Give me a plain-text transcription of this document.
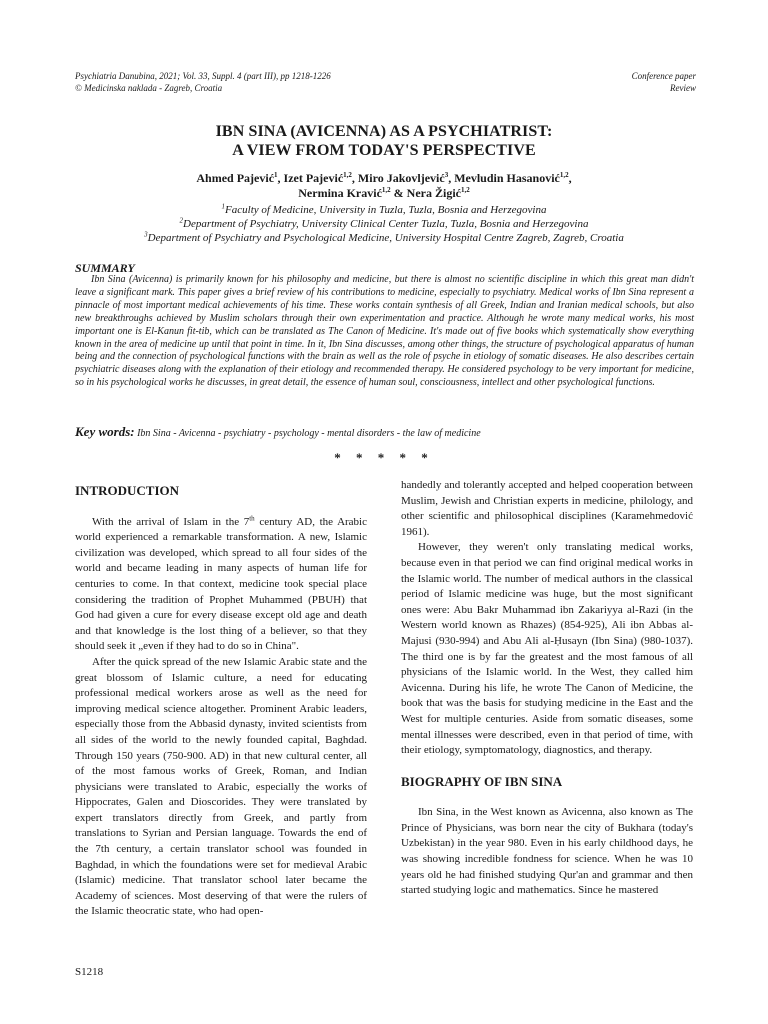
Psychiatria Danubina, 2021; Vol. 33, Suppl. 4 (part III), pp 1218-1226
© Medicinska naklada - Zagreb, Croatia
Conference paper
Review
IBN SINA (AVICENNA) AS A PSYCHIATRIST:
A VIEW FROM TODAY'S PERSPECTIVE
Ahmed Pajević$^1$, Izet Pajević$^{1,2}$, Miro Jakovljević$^3$, Mevludin Hasanović$^{1,2}$,
Nermina Kravić$^{1,2}$ & Nera Žigić$^{1,2}$
$^1$Faculty of Medicine, University in Tuzla, Tuzla, Bosnia and Herzegovina
$^2$Department of Psychiatry, University Clinical Center Tuzla, Tuzla, Bosnia and Herzegovina
$^3$Department of Psychiatry and Psychological Medicine, University Hospital Centre Zagreb, Zagreb, Croatia
SUMMARY

Ibn Sina (Avicenna) is primarily known for his philosophy and medicine, but there is almost no scientific discipline in which this great man didn't leave a significant mark. This paper gives a brief review of his contributions to medicine, especially to psychiatry. Medical works of Ibn Sina represent a pinnacle of most important medical achievements of his time. These works contain synthesis of all Greek, Indian and Iranian medical schools, but also new breakthroughs achieved by Muslim scholars through their own experimentation and practice. Although he wrote many medical works, his most important one is El-Kanun fit-tib, which can be translated as The Canon of Medicine. It's made out of five books which systematically show everything known in the area of medicine up until that point in time. In it, Ibn Sina discusses, among other things, the structure of psychological apparatus of human being and the connection of psychological functions with the brain as well as the role of psyche in etiology of somatic diseases. He also describes certain psychiatric diseases along with the explanation of their etiology and recommended therapy. He considered psychology to be very important for medicine, so in his psychological works he discusses, in great detail, the essence of human soul, consciousness, intellect and other psychological functions.

Key words: Ibn Sina - Avicenna - psychiatry - psychology - mental disorders - the law of medicine
* * * * *
INTRODUCTION

With the arrival of Islam in the 7th century AD, the Arabic world experienced a remarkable transformation. A new, Islamic civilization was developed, which spread to all four sides of the world and became leading in many aspects of human life for centuries to come. In that context, medicine took special place considering the tradition of Prophet Muhammed (PBUH) that God had given a cure for every disease except old age and death and that knowledge is the lost thing of a believer, so that they should seek it „even if they had to do so in China".

After the quick spread of the new Islamic Arabic state and the great blossom of Islamic culture, a need for educating professional medical workers arose as well as the need for improving medical science altogether. Prominent Arabic leaders, especially those from the Abbasid dynasty, invited scientists from all sides of the world to the newly founded capital, Baghdad. Through 150 years (750-900. AD) in that new cultural center, all of the most famous works of Greek, Roman, and Indian physicians were translated to Arabic, especially the works of Hippocrates, Galen and Dioscorides. They were translated by expert translators directly from Greek, and partly from translations to Syrian and Persian language. Towards the end of the 7th century, a certain translator school was founded in Baghdad, in which the foundations were set for medieval Arabic (Islamic) medicine. That translator school later became the Academy of sciences. Most deserving of that were the rulers of the Islamic theocratic state, who had open-

handedly and tolerantly accepted and helped cooperation between Muslim, Jewish and Christian experts in medicine, philology, and other scientific and philosophical disciplines (Karamehmedović 1961).

However, they weren't only translating medical works, because even in that period we can find original medical works in the Islamic world. The number of medical authors in the classical period of Islamic medicine was huge, but the most significant ones were: Abu Bakr Muhammad ibn Zakariyya al-Razi (in the Western world known as Rhazes) (854-925), Ali ibn Abbas al-Majusi (930-994) and Abu Ali al-Ḥusayn (Ibn Sina) (980-1037). The third one is by far the greatest and the most famous of all physicians of the Islamic world. In the West, they called him Avicenna. During his life, he wrote The Canon of Medicine, the book that was the basis for studying medicine in the East and the West for multiple centuries. Aside from somatic diseases, some mental illnesses were described, even in that period of time, with their etiology, symptomatology, diagnostics, and therapy.

BIOGRAPHY OF IBN SINA

Ibn Sina, in the West known as Avicenna, also known as The Prince of Physicians, was born near the city of Bukhara (today's Uzbekistan) in the year 980. Even in his early childhood days, he was showing incredible fondness for science. When he was 10 years old he had finished studying Qur'an and grammar and then started studying logic and mathematics. Since he mastered

S1218
